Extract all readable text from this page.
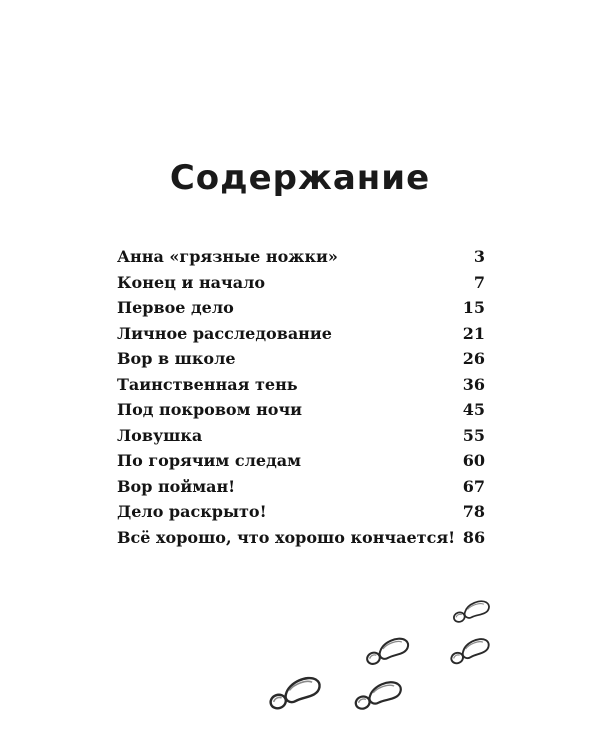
Содержание
Анна «грязные ножки»	3
Конец и начало	7
Первое дело	15
Личное расследование	21
Вор в школе	26
Таинственная тень	36
Под покровом ночи	45
Ловушка	55
По горячим следам	60
Вор пойман!	67
Дело раскрыто!	78
Всё хорошо, что хорошо кончается! 86
